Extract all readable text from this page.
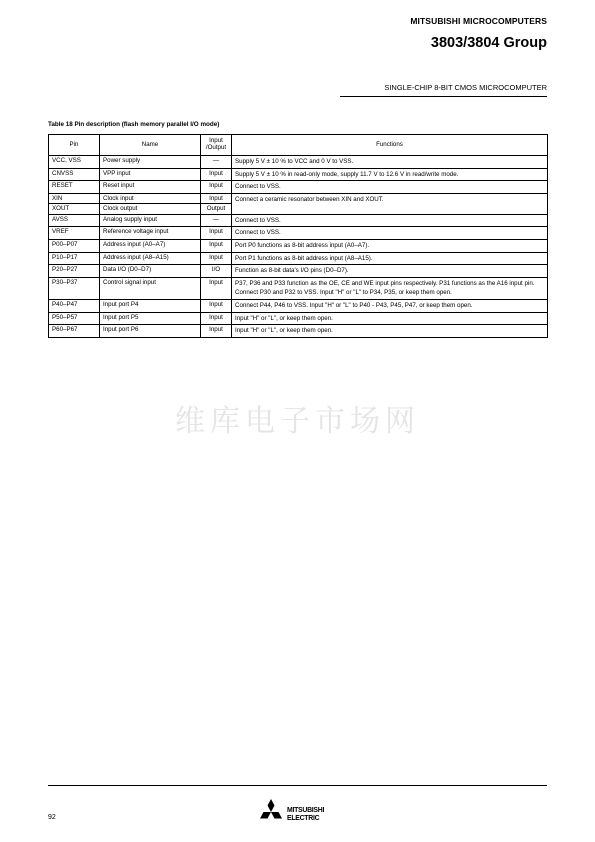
MITSUBISHI MICROCOMPUTERS
3803/3804 Group
SINGLE-CHIP 8-BIT CMOS MICROCOMPUTER
Table 18 Pin description (flash memory parallel I/O mode)
Pin	Name	Input /Output	Functions
VCC, VSS	Power supply	—	Supply 5 V ± 10 % to VCC and 0 V to VSS.
CNVSS	VPP input	Input	Supply 5 V ± 10 % in read-only mode, supply 11.7 V to 12.6 V in read/write mode.
RESET	Reset input	Input	Connect to VSS.
XIN	Clock input	Input	Connect a ceramic resonator between XIN and XOUT.
XOUT	Clock output	Output	
AVSS	Analog supply input	—	Connect to VSS.
VREF	Reference voltage input	Input	Connect to VSS.
P00–P07	Address input (A0–A7)	Input	Port P0 functions as 8-bit address input (A0–A7).
P10–P17	Address input (A8–A15)	Input	Port P1 functions as 8-bit address input (A8–A15).
P20–P27	Data I/O (D0–D7)	I/O	Function as 8-bit data's I/O pins (D0–D7).
P30–P37	Control signal input	Input	P37, P36 and P33 function as the OE, CE and WE input pins respectively. P31 functions as the A16 input pin. Connect P30 and P32 to VSS. Input "H" or "L" to P34, P35, or keep them open.
P40–P47	Input port P4	Input	Connect P44, P46 to VSS. Input "H" or "L" to P40 - P43, P45, P47, or keep them open.
P50–P57	Input port P5	Input	Input "H" or "L", or keep them open.
P60–P67	Input port P6	Input	Input "H" or "L", or keep them open.
维库电子市场网
92
MITSUBISHI
ELECTRIC
